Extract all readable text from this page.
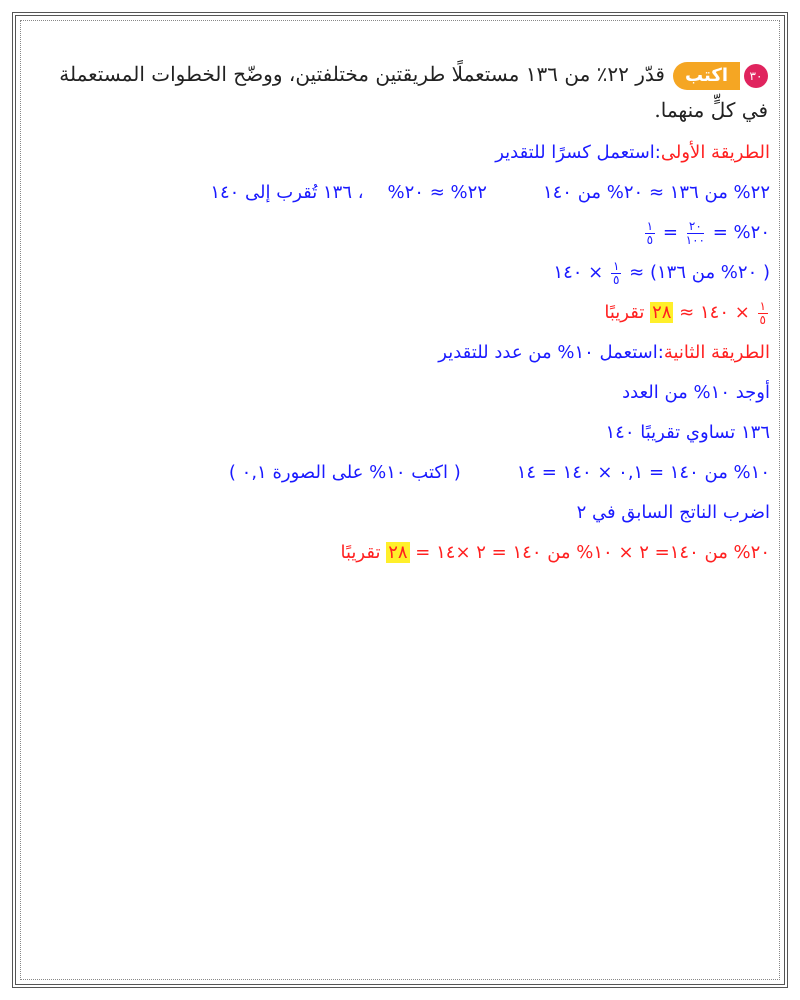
٣٠اكتبقدّر ٢٢٪ من ١٣٦ مستعملًا طريقتين مختلفتين، ووضّح الخطوات المستعملة في كلٍّ منهما.

الطريقة الأولى:استعمل كسرًا للتقدير
٢٢% من ١٣٦ ≈ ٢٠% من ١٤٠٢٢% ≈ ٢٠%، ١٣٦ تُقرب إلى ١٤٠
٢٠% =
$\frac{٢٠}{١٠٠}$
=
$\frac{١}{٥}$
( ٢٠% من ١٣٦) ≈
$\frac{١}{٥}$
× ١٤٠
$\frac{١}{٥}$
× ١٤٠ ≈ ٢٨ تقريبًا
الطريقة الثانية:استعمل ١٠% من عدد للتقدير
أوجد ١٠% من العدد
١٣٦ تساوي تقريبًا ١٤٠
١٠% من ١٤٠ = ٠,١ × ١٤٠ = ١٤( اكتب ١٠% على الصورة ٠,١ )
اضرب الناتج السابق في ٢
٢٠% من ١٤٠= ٢ × ١٠% من ١٤٠ = ٢ ×١٤ = ٢٨ تقريبًا
